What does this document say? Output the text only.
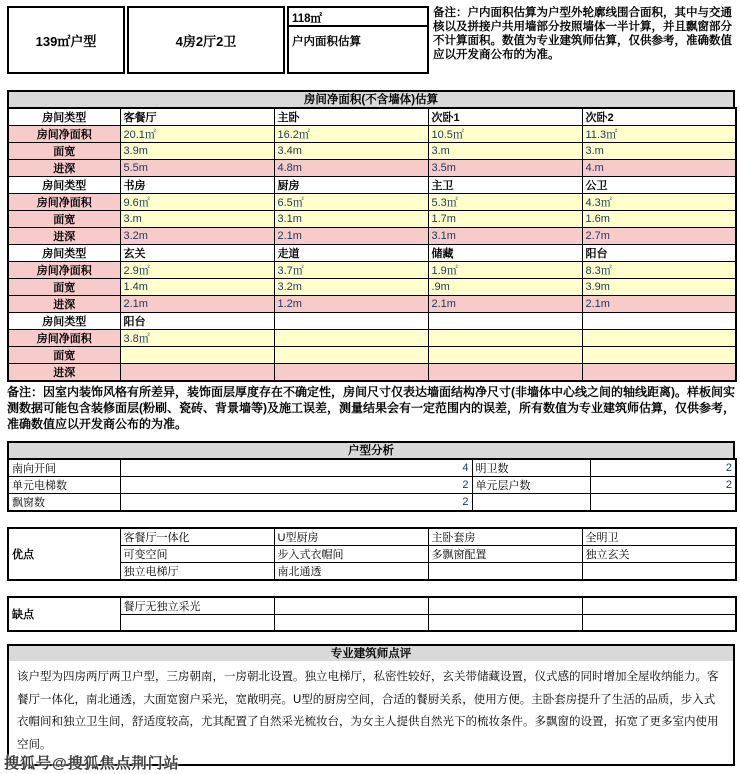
139㎡户型	4房2厅2卫
118㎡
户内面积估算
备注：户内面积估算为户型外轮廓线围合面积，其中与交通核以及拼接户共用墙部分按照墙体一半计算，并且飘窗部分不计算面积。数值为专业建筑师估算，仅供参考，准确数值应以开发商公布的为准。
房间净面积(不含墙体)估算
房间类型	客餐厅	主卧	次卧1	次卧2
房间净面积	20.1㎡	16.2㎡	10.5㎡	11.3㎡
面宽	3.9m	3.4m	3.m	3.m
进深	5.5m	4.8m	3.5m	4.m
房间类型	书房	厨房	主卫	公卫
房间净面积	9.6㎡	6.5㎡	5.3㎡	4.3㎡
面宽	3.m	3.1m	1.7m	1.6m
进深	3.2m	2.1m	3.1m	2.7m
房间类型	玄关	走道	储藏	阳台
房间净面积	2.9㎡	3.7㎡	1.9㎡	8.3㎡
面宽	1.4m	3.2m	.9m	3.9m
进深	2.1m	1.2m	2.1m	2.1m
房间类型	阳台			
房间净面积	3.8㎡			
面宽				
进深				
备注：因室内装饰风格有所差异，装饰面层厚度存在不确定性，房间尺寸仅表达墙面结构净尺寸(非墙体中心线之间的轴线距离)。样板间实测数据可能包含装修面层(粉刷、瓷砖、背景墙等)及施工误差，测量结果会有一定范围内的误差，所有数值为专业建筑师估算，仅供参考，准确数值应以开发商公布的为准。
户型分析
南向开间	4	明卫数	2
单元电梯数	2	单元层户数	2
飘窗数	2		
优点	客餐厅一体化	U型厨房	主卧套房	全明卫
	可变空间	步入式衣帽间	多飘窗配置	独立玄关
	独立电梯厅	南北通透		
缺点	餐厅无独立采光			

专业建筑师点评
该户型为四房两厅两卫户型，三房朝南，一房朝北设置。独立电梯厅，私密性较好，玄关带储藏设置，仪式感的同时增加全屋收纳能力。客餐厅一体化，南北通透，大面宽窗户采光，宽敞明亮。U型的厨房空间，合适的餐厨关系，使用方便。主卧套房提升了生活的品质，步入式衣帽间和独立卫生间，舒适度较高，尤其配置了自然采光梳妆台，为女主人提供自然光下的梳妆条件。多飘窗的设置，拓宽了更多室内使用空间。
搜狐号@搜狐焦点荆门站
